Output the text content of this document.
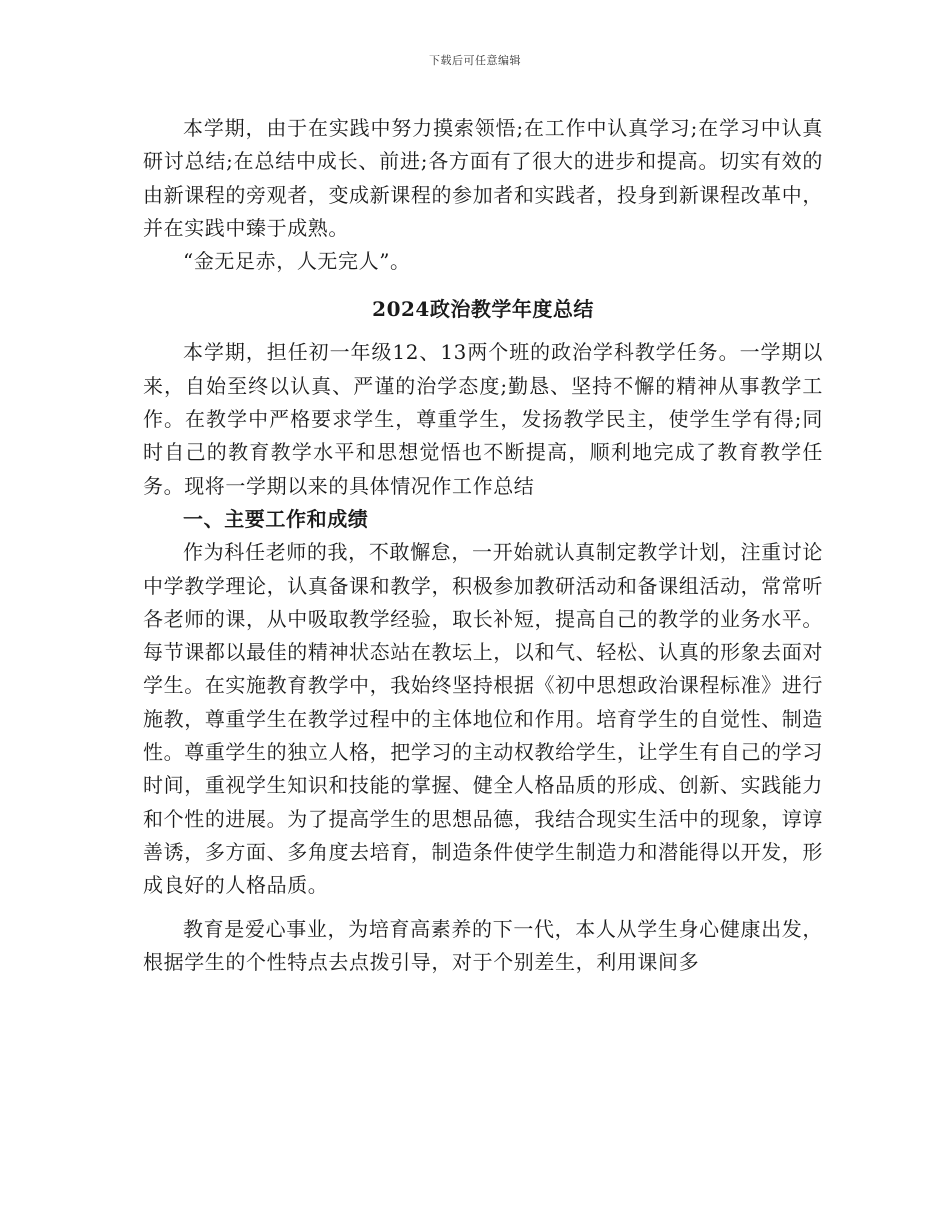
下载后可任意编辑

本学期，由于在实践中努力摸索领悟;在工作中认真学习;在学习中认真研讨总结;在总结中成长、前进;各方面有了很大的进步和提高。切实有效的由新课程的旁观者，变成新课程的参加者和实践者，投身到新课程改革中，并在实践中臻于成熟。

“金无足赤，人无完人”。

2024政治教学年度总结

本学期，担任初一年级12、13两个班的政治学科教学任务。一学期以来，自始至终以认真、严谨的治学态度;勤恳、坚持不懈的精神从事教学工作。在教学中严格要求学生，尊重学生，发扬教学民主，使学生学有得;同时自己的教育教学水平和思想觉悟也不断提高，顺利地完成了教育教学任务。现将一学期以来的具体情况作工作总结

一、主要工作和成绩

作为科任老师的我，不敢懈怠，一开始就认真制定教学计划，注重讨论中学教学理论，认真备课和教学，积极参加教研活动和备课组活动，常常听各老师的课，从中吸取教学经验，取长补短，提高自己的教学的业务水平。每节课都以最佳的精神状态站在教坛上，以和气、轻松、认真的形象去面对学生。在实施教育教学中，我始终坚持根据《初中思想政治课程标准》进行施教，尊重学生在教学过程中的主体地位和作用。培育学生的自觉性、制造性。尊重学生的独立人格，把学习的主动权教给学生，让学生有自己的学习时间，重视学生知识和技能的掌握、健全人格品质的形成、创新、实践能力和个性的进展。为了提高学生的思想品德，我结合现实生活中的现象，谆谆善诱，多方面、多角度去培育，制造条件使学生制造力和潜能得以开发，形成良好的人格品质。

教育是爱心事业，为培育高素养的下一代，本人从学生身心健康出发，根据学生的个性特点去点拨引导，对于个别差生，利用课间多
